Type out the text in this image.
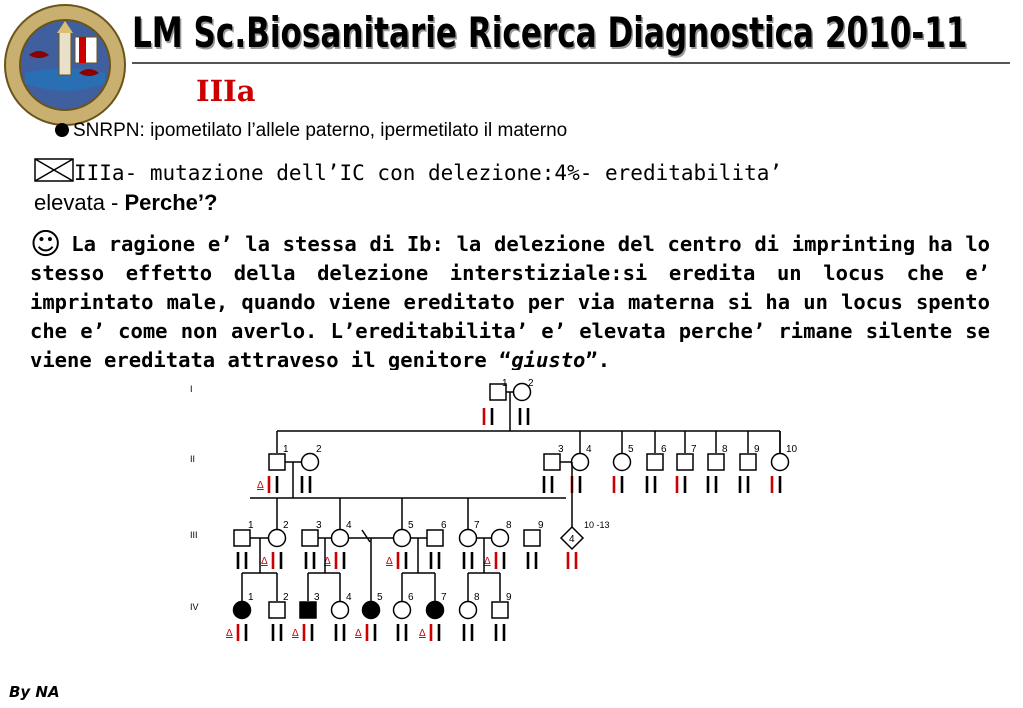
LM Sc.Biosanitarie Ricerca Diagnostica 2010-11
IIIa
SNRPN: ipometilato l’allele paterno, ipermetilato il materno
IIIa- mutazione dell’IC con delezione:4%- ereditabilita’
elevata - Perche’?
☺ La ragione e’ la stessa di Ib: la delezione del centro di imprinting ha lo stesso effetto della delezione interstiziale:si eredita un locus che e’ imprintato male, quando viene ereditato per via materna si ha un locus spento che e’ come non averlo. L’ereditabilita’ e’ elevata perche’ rimane silente se viene ereditata attraveso il genitore “giusto”.
I
II
III
IV
1 2
1
Δ
2	3 4	5	6 7	8	9	10
1	2
Δ
3 4
Δ
5
Δ
6	7	8
Δ
9
4
10 -13
1
Δ
2	3
Δ
4	5
Δ
6	7
Δ
8	9
By NA
